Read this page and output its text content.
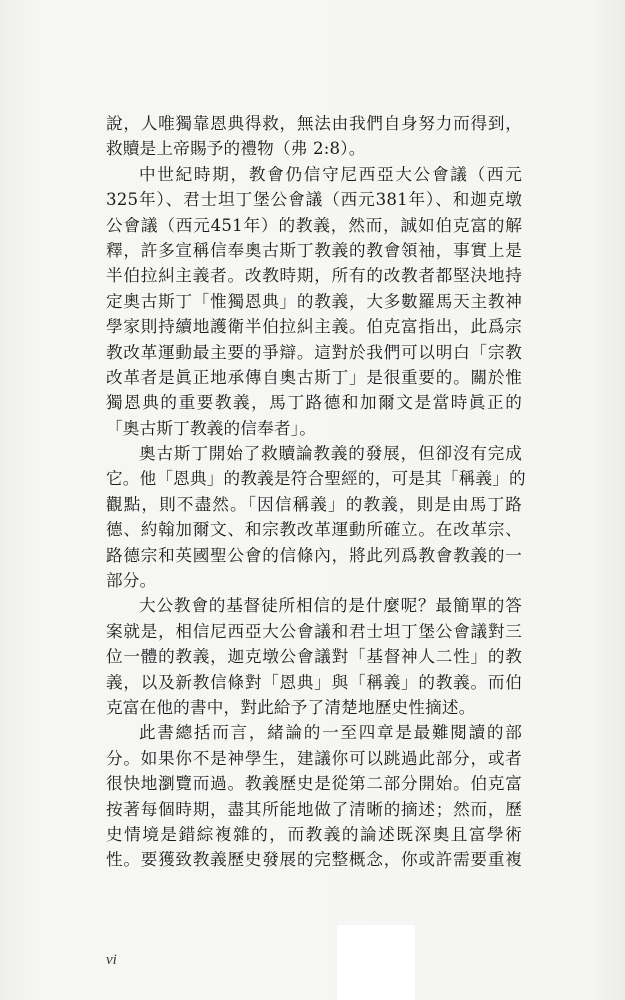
說，人唯獨靠恩典得救，無法由我們自身努力而得到，
救贖是上帝賜予的禮物（弗 2:8）。
中世紀時期，教會仍信守尼西亞大公會議（西元
325年）、君士坦丁堡公會議（西元381年）、和迦克墩
公會議（西元451年）的教義，然而，誠如伯克富的解
釋，許多宣稱信奉奧古斯丁教義的教會領袖，事實上是
半伯拉糾主義者。改教時期，所有的改教者都堅決地持
定奧古斯丁「惟獨恩典」的教義，大多數羅馬天主教神
學家則持續地護衛半伯拉糾主義。伯克富指出，此爲宗
教改革運動最主要的爭辯。這對於我們可以明白「宗教
改革者是眞正地承傳自奧古斯丁」是很重要的。關於惟
獨恩典的重要教義，馬丁路德和加爾文是當時眞正的
「奧古斯丁教義的信奉者」。
奧古斯丁開始了救贖論教義的發展，但卻沒有完成
它。他「恩典」的教義是符合聖經的，可是其「稱義」的
觀點，則不盡然。「因信稱義」的教義，則是由馬丁路
德、約翰加爾文、和宗教改革運動所確立。在改革宗、
路德宗和英國聖公會的信條內，將此列爲教會教義的一
部分。
大公教會的基督徒所相信的是什麼呢？最簡單的答
案就是，相信尼西亞大公會議和君士坦丁堡公會議對三
位一體的教義，迦克墩公會議對「基督神人二性」的教
義，以及新教信條對「恩典」與「稱義」的教義。而伯
克富在他的書中，對此給予了清楚地歷史性摘述。
此書總括而言，緒論的一至四章是最難閱讀的部
分。如果你不是神學生，建議你可以跳過此部分，或者
很快地瀏覽而過。教義歷史是從第二部分開始。伯克富
按著每個時期，盡其所能地做了清晰的摘述；然而，歷
史情境是錯綜複雜的，而教義的論述既深奧且富學術
性。要獲致教義歷史發展的完整概念，你或許需要重複
vi
